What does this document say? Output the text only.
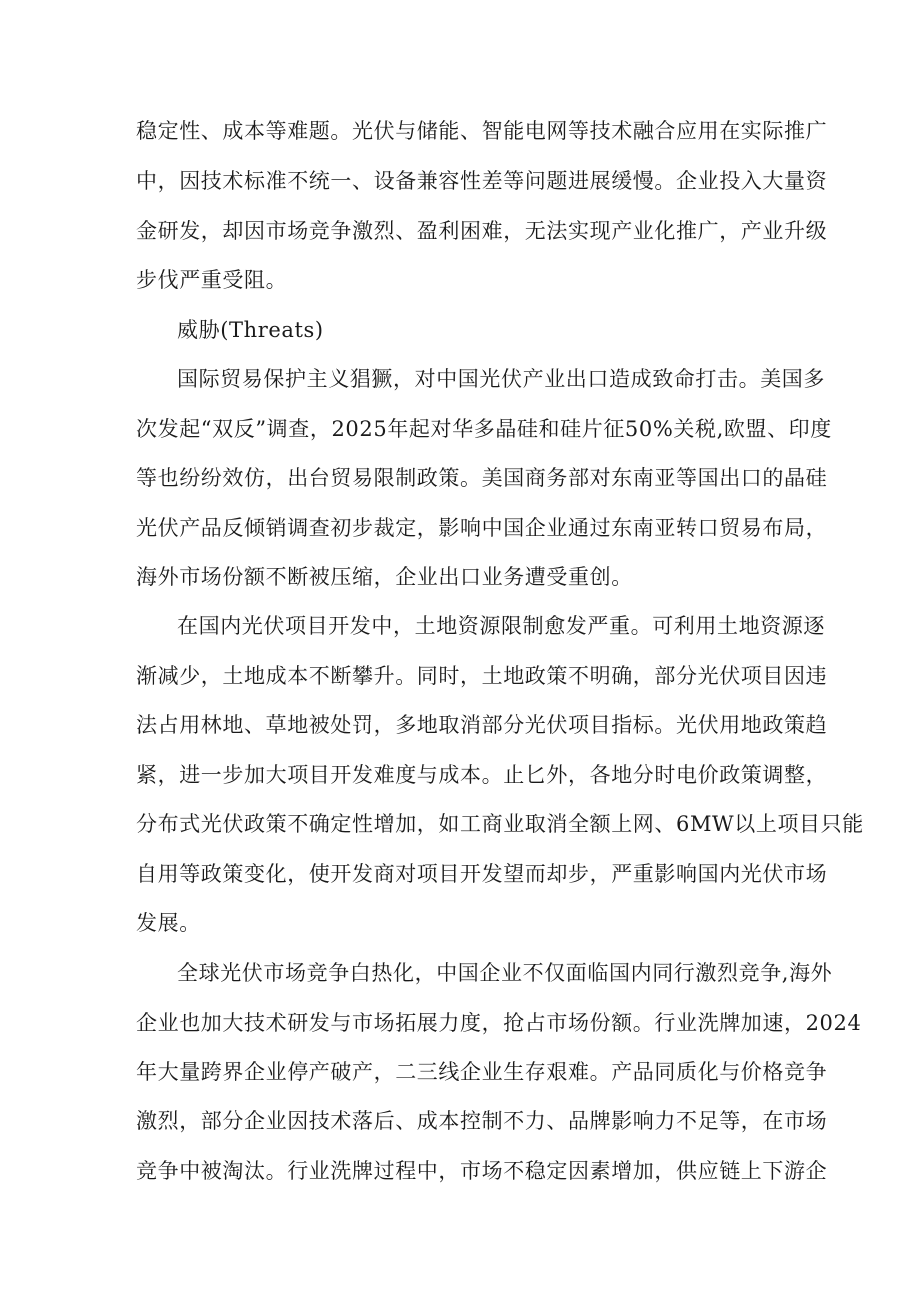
稳定性、成本等难题。光伏与储能、智能电网等技术融合应用在实际推广
中，因技术标准不统一、设备兼容性差等问题进展缓慢。企业投入大量资
金研发，却因市场竞争激烈、盈利困难，无法实现产业化推广，产业升级
步伐严重受阻。
威胁(Threats)
国际贸易保护主义猖獗，对中国光伏产业出口造成致命打击。美国多
次发起“双反”调查，2025年起对华多晶硅和硅片征50%关税,欧盟、印度
等也纷纷效仿，出台贸易限制政策。美国商务部对东南亚等国出口的晶硅
光伏产品反倾销调查初步裁定，影响中国企业通过东南亚转口贸易布局，
海外市场份额不断被压缩，企业出口业务遭受重创。
在国内光伏项目开发中，土地资源限制愈发严重。可利用土地资源逐
渐减少，土地成本不断攀升。同时，土地政策不明确，部分光伏项目因违
法占用林地、草地被处罚，多地取消部分光伏项目指标。光伏用地政策趋
紧，进一步加大项目开发难度与成本。止匕外，各地分时电价政策调整，
分布式光伏政策不确定性增加，如工商业取消全额上网、6MW以上项目只能
自用等政策变化，使开发商对项目开发望而却步，严重影响国内光伏市场
发展。
全球光伏市场竞争白热化，中国企业不仅面临国内同行激烈竞争,海外
企业也加大技术研发与市场拓展力度，抢占市场份额。行业洗牌加速，2024
年大量跨界企业停产破产，二三线企业生存艰难。产品同质化与价格竞争
激烈，部分企业因技术落后、成本控制不力、品牌影响力不足等，在市场
竞争中被淘汰。行业洗牌过程中，市场不稳定因素增加，供应链上下游企
